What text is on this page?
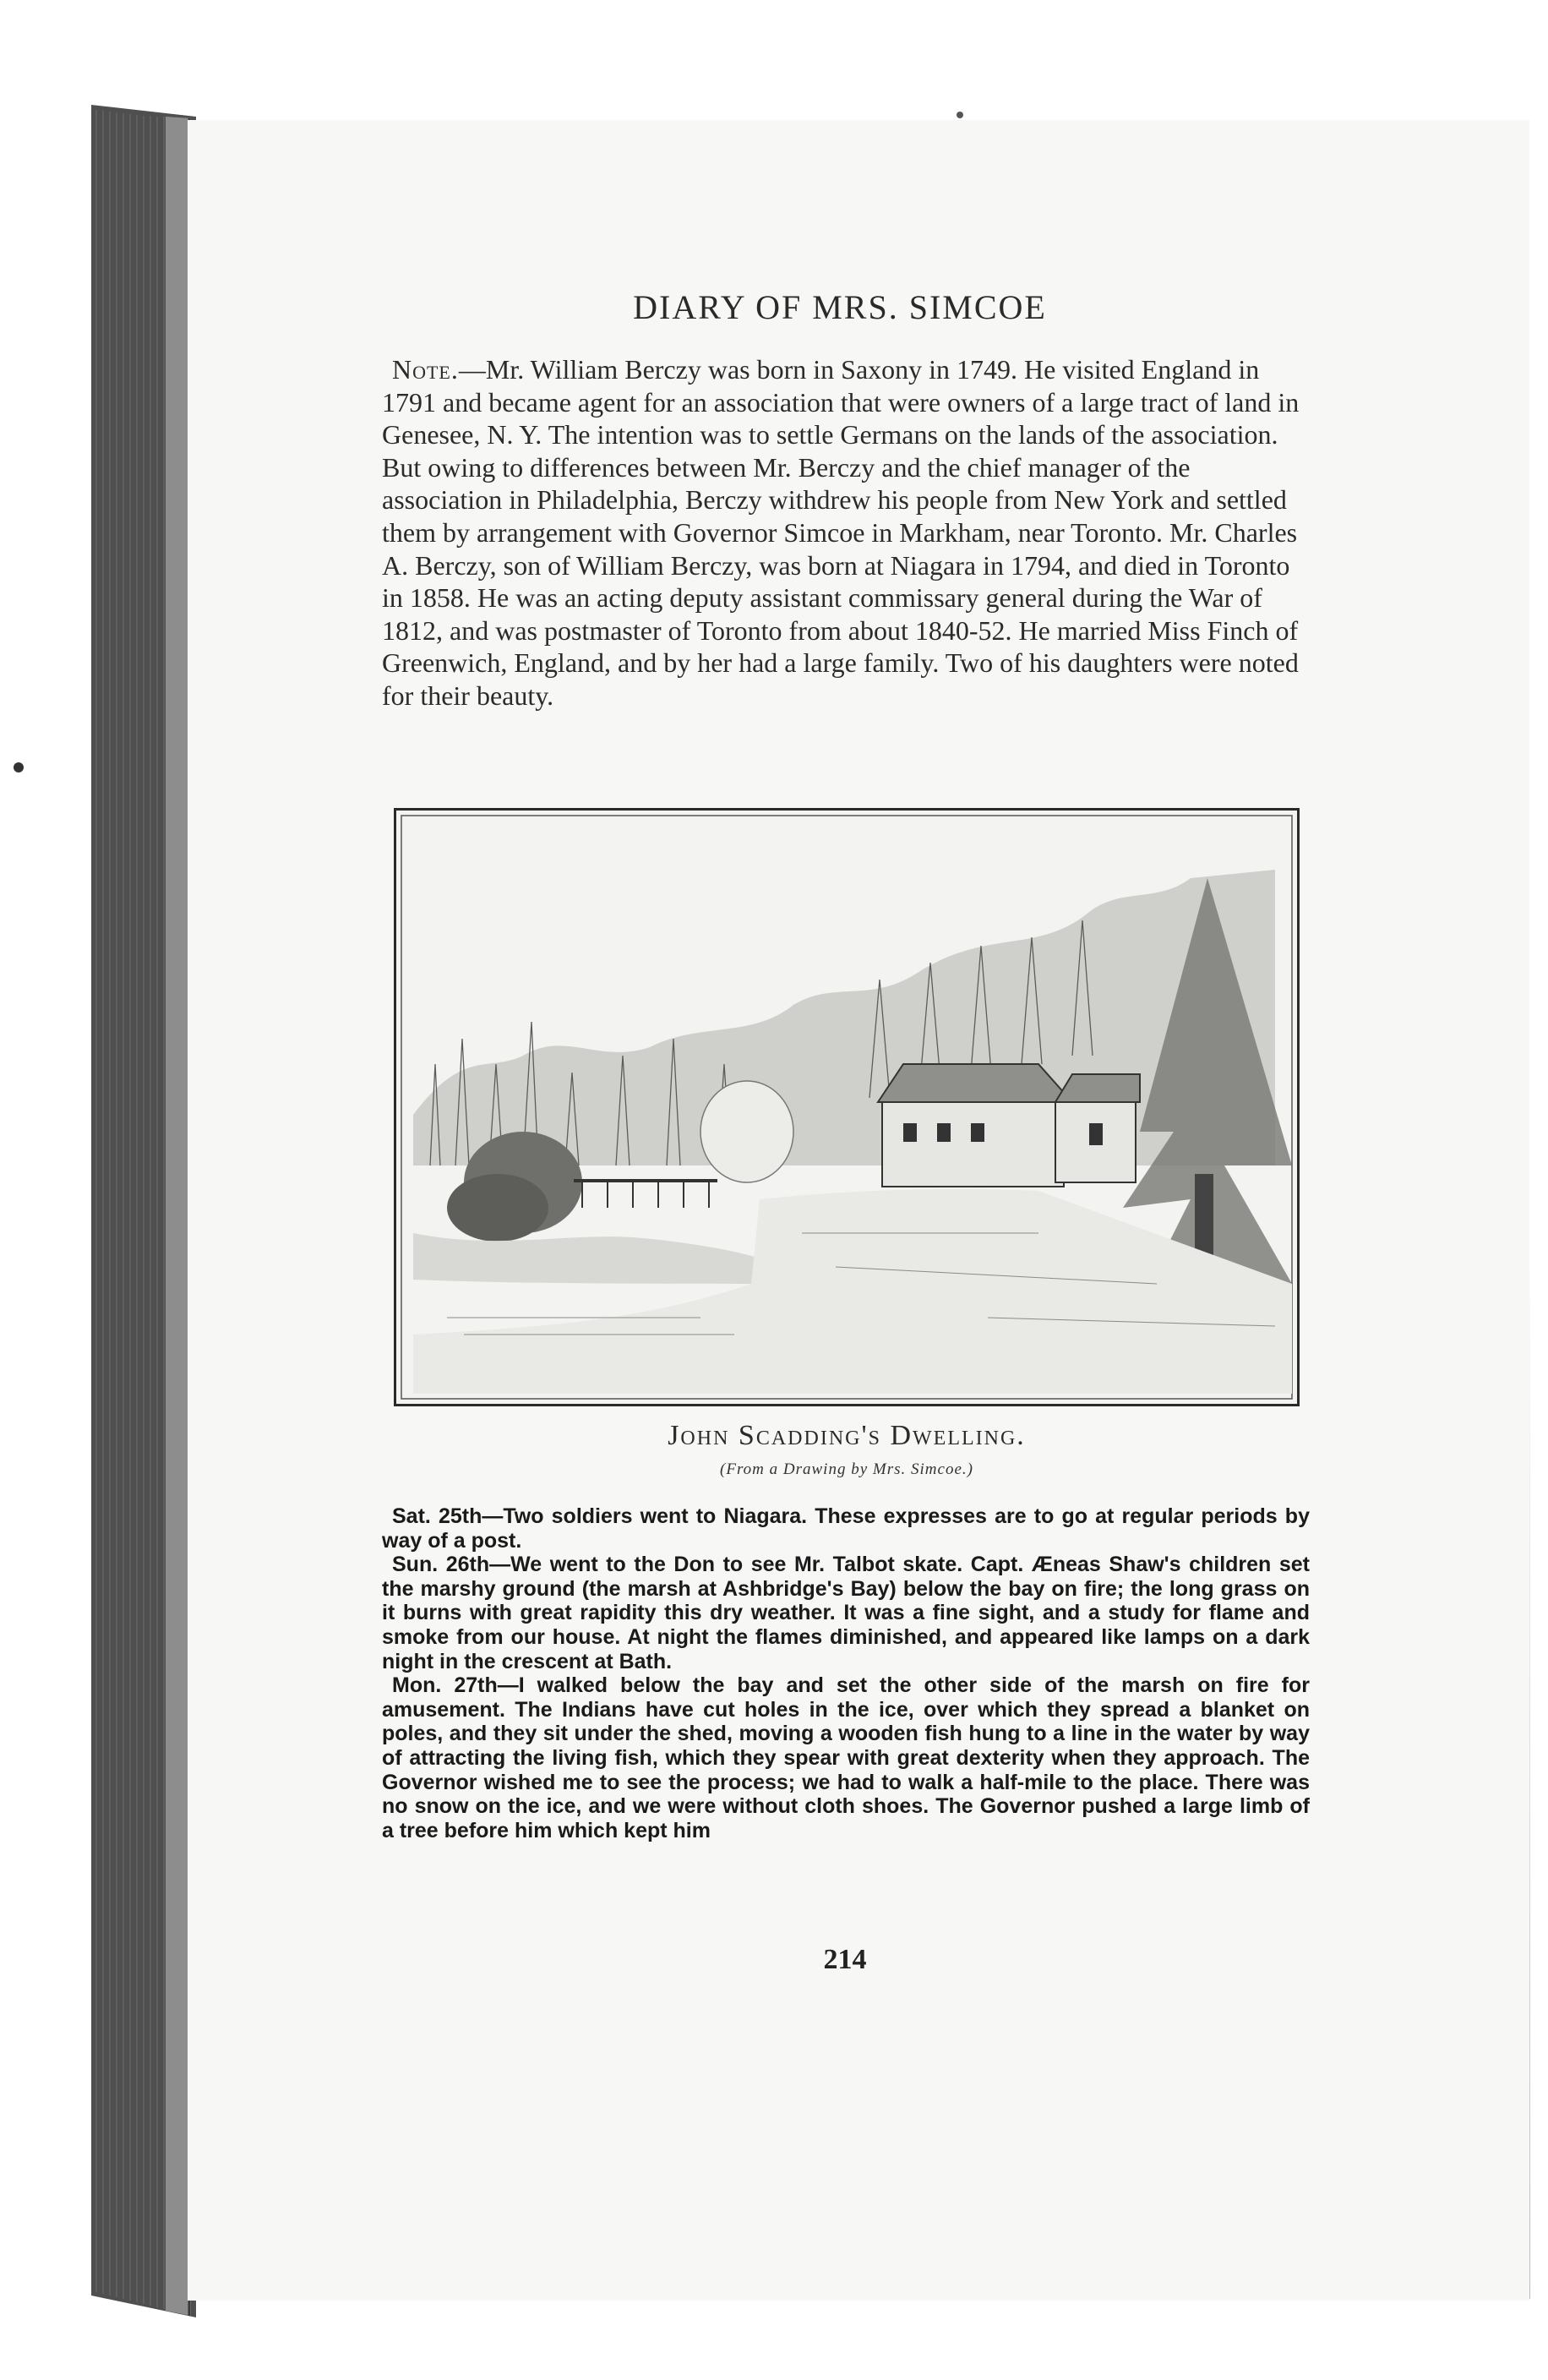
DIARY OF MRS. SIMCOE

Note.—Mr. William Berczy was born in Saxony in 1749. He visited England in 1791 and became agent for an association that were owners of a large tract of land in Genesee, N. Y. The intention was to settle Germans on the lands of the association. But owing to differences between Mr. Berczy and the chief manager of the association in Philadelphia, Berczy withdrew his people from New York and settled them by arrangement with Governor Simcoe in Markham, near Toronto. Mr. Charles A. Berczy, son of William Berczy, was born at Niagara in 1794, and died in Toronto in 1858. He was an acting deputy assistant commissary general during the War of 1812, and was postmaster of Toronto from about 1840-52. He married Miss Finch of Greenwich, England, and by her had a large family. Two of his daughters were noted for their beauty.

John Scadding's Dwelling.
(From a Drawing by Mrs. Simcoe.)

Sat. 25th—Two soldiers went to Niagara. These expresses are to go at regular periods by way of a post.

Sun. 26th—We went to the Don to see Mr. Talbot skate. Capt. Æneas Shaw's children set the marshy ground (the marsh at Ashbridge's Bay) below the bay on fire; the long grass on it burns with great rapidity this dry weather. It was a fine sight, and a study for flame and smoke from our house. At night the flames diminished, and appeared like lamps on a dark night in the crescent at Bath.

Mon. 27th—I walked below the bay and set the other side of the marsh on fire for amusement. The Indians have cut holes in the ice, over which they spread a blanket on poles, and they sit under the shed, moving a wooden fish hung to a line in the water by way of attracting the living fish, which they spear with great dexterity when they approach. The Governor wished me to see the process; we had to walk a half-mile to the place. There was no snow on the ice, and we were without cloth shoes. The Governor pushed a large limb of a tree before him which kept him

214
